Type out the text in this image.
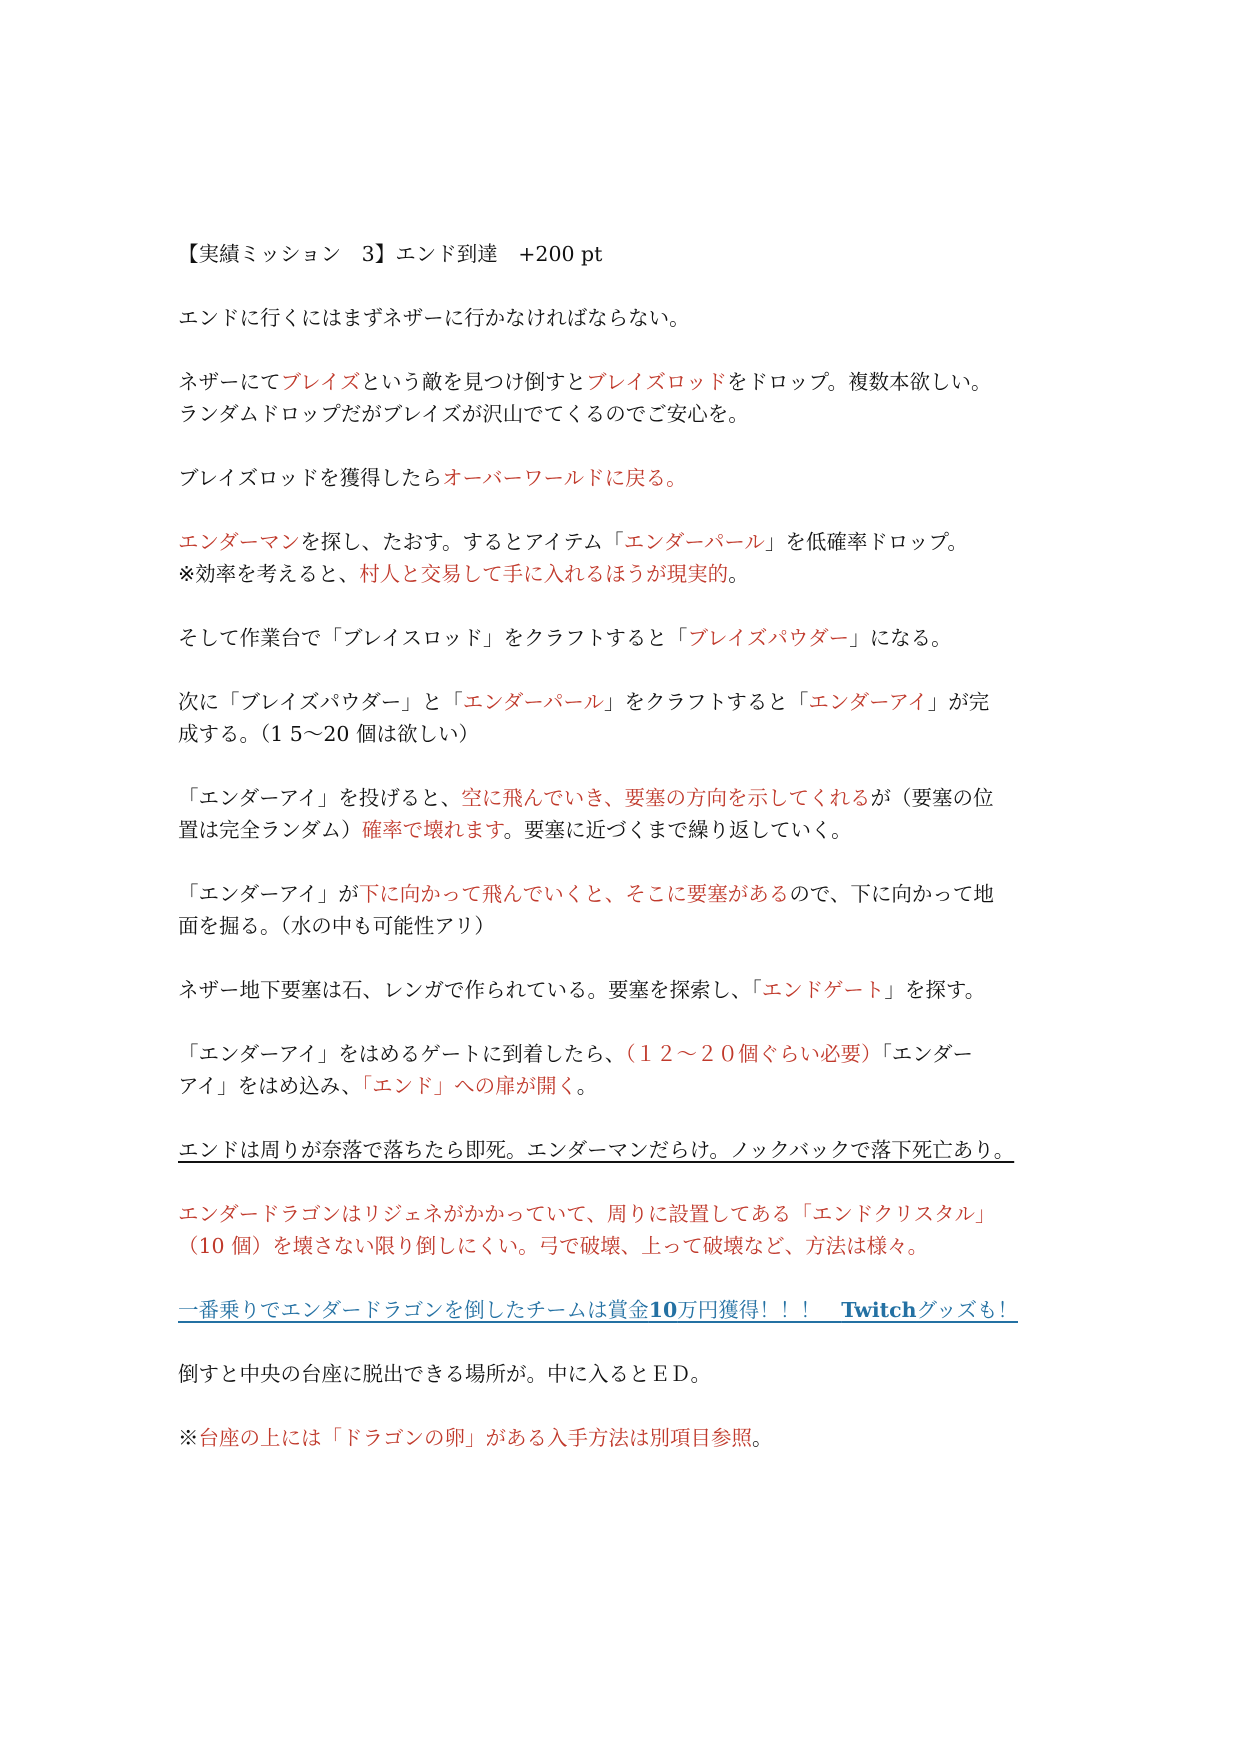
【実績ミッション　3】エンド到達　+200 pt

エンドに行くにはまずネザーに行かなければならない。

ネザーにてブレイズという敵を見つけ倒すとブレイズロッドをドロップ。複数本欲しい。
ランダムドロップだがブレイズが沢山でてくるのでご安心を。

ブレイズロッドを獲得したらオーバーワールドに戻る。

エンダーマンを探し、たおす。するとアイテム「エンダーパール」を低確率ドロップ。
※効率を考えると、村人と交易して手に入れるほうが現実的。

そして作業台で「ブレイスロッド」をクラフトすると「ブレイズパウダー」になる。

次に「ブレイズパウダー」と「エンダーパール」をクラフトすると「エンダーアイ」が完
成する。（1 5～20 個は欲しい）

「エンダーアイ」を投げると、空に飛んでいき、要塞の方向を示してくれるが（要塞の位
置は完全ランダム）確率で壊れます。要塞に近づくまで繰り返していく。

「エンダーアイ」が下に向かって飛んでいくと、そこに要塞があるので、下に向かって地
面を掘る。（水の中も可能性アリ）

ネザー地下要塞は石、レンガで作られている。要塞を探索し、「エンドゲート」を探す。

「エンダーアイ」をはめるゲートに到着したら、（１２～２０個ぐらい必要）「エンダー
アイ」をはめ込み、「エンド」への扉が開く。

エンドは周りが奈落で落ちたら即死。エンダーマンだらけ。ノックバックで落下死亡あり。

エンダードラゴンはリジェネがかかっていて、周りに設置してある「エンドクリスタル」
（10 個）を壊さない限り倒しにくい。弓で破壊、上って破壊など、方法は様々。

一番乗りでエンダードラゴンを倒したチームは賞金10万円獲得！！！　Twitchグッズも！

倒すと中央の台座に脱出できる場所が。中に入るとＥＤ。

※台座の上には「ドラゴンの卵」がある入手方法は別項目参照。
